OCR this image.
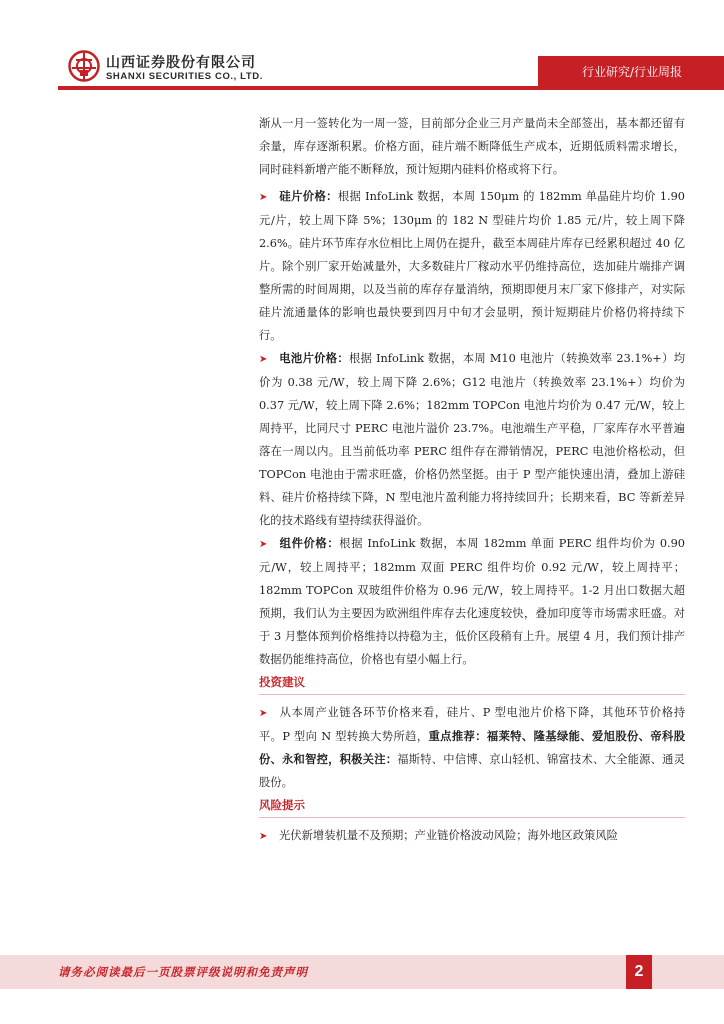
山西证券股份有限公司
SHANXI SECURITIES CO., LTD.	行业研究/行业周报

渐从一月一签转化为一周一签，目前部分企业三月产量尚未全部签出，基本都还留有余量，库存逐渐积累。价格方面，硅片端不断降低生产成本，近期低质料需求增长，同时硅料新增产能不断释放，预计短期内硅料价格或将下行。

➤ 硅片价格：根据 InfoLink 数据，本周 150μm 的 182mm 单晶硅片均价 1.90 元/片，较上周下降 5%；130μm 的 182 N 型硅片均价 1.85 元/片，较上周下降 2.6%。硅片环节库存水位相比上周仍在提升，截至本周硅片库存已经累积超过 40 亿片。除个别厂家开始减量外，大多数硅片厂稼动水平仍维持高位，迭加硅片端排产调整所需的时间周期，以及当前的库存存量消纳，预期即便月末厂家下修排产，对实际硅片流通量体的影响也最快要到四月中旬才会显明，预计短期硅片价格仍将持续下行。

➤ 电池片价格：根据 InfoLink 数据，本周 M10 电池片（转换效率 23.1%+）均价为 0.38 元/W，较上周下降 2.6%；G12 电池片（转换效率 23.1%+）均价为 0.37 元/W，较上周下降 2.6%；182mm TOPCon 电池片均价为 0.47 元/W，较上周持平，比同尺寸 PERC 电池片溢价 23.7%。电池端生产平稳，厂家库存水平普遍落在一周以内。且当前低功率 PERC 组件存在滞销情况，PERC 电池价格松动，但 TOPCon 电池由于需求旺盛，价格仍然坚挺。由于 P 型产能快速出清，叠加上游硅料、硅片价格持续下降，N 型电池片盈利能力将持续回升；长期来看，BC 等新差异化的技术路线有望持续获得溢价。

➤ 组件价格：根据 InfoLink 数据，本周 182mm 单面 PERC 组件均价为 0.90 元/W，较上周持平；182mm 双面 PERC 组件均价 0.92 元/W，较上周持平；182mm TOPCon 双玻组件价格为 0.96 元/W，较上周持平。1-2 月出口数据大超预期，我们认为主要因为欧洲组件库存去化速度较快，叠加印度等市场需求旺盛。对于 3 月整体预判价格维持以持稳为主，低价区段稍有上升。展望 4 月，我们预计排产数据仍能维持高位，价格也有望小幅上行。

投资建议

➤ 从本周产业链各环节价格来看，硅片、P 型电池片价格下降，其他环节价格持平。P 型向 N 型转换大势所趋，重点推荐：福莱特、隆基绿能、爱旭股份、帝科股份、永和智控，积极关注：福斯特、中信博、京山轻机、锦富技术、大全能源、通灵股份。

风险提示

➤ 光伏新增装机量不及预期；产业链价格波动风险；海外地区政策风险

请务必阅读最后一页股票评级说明和免责声明	2
